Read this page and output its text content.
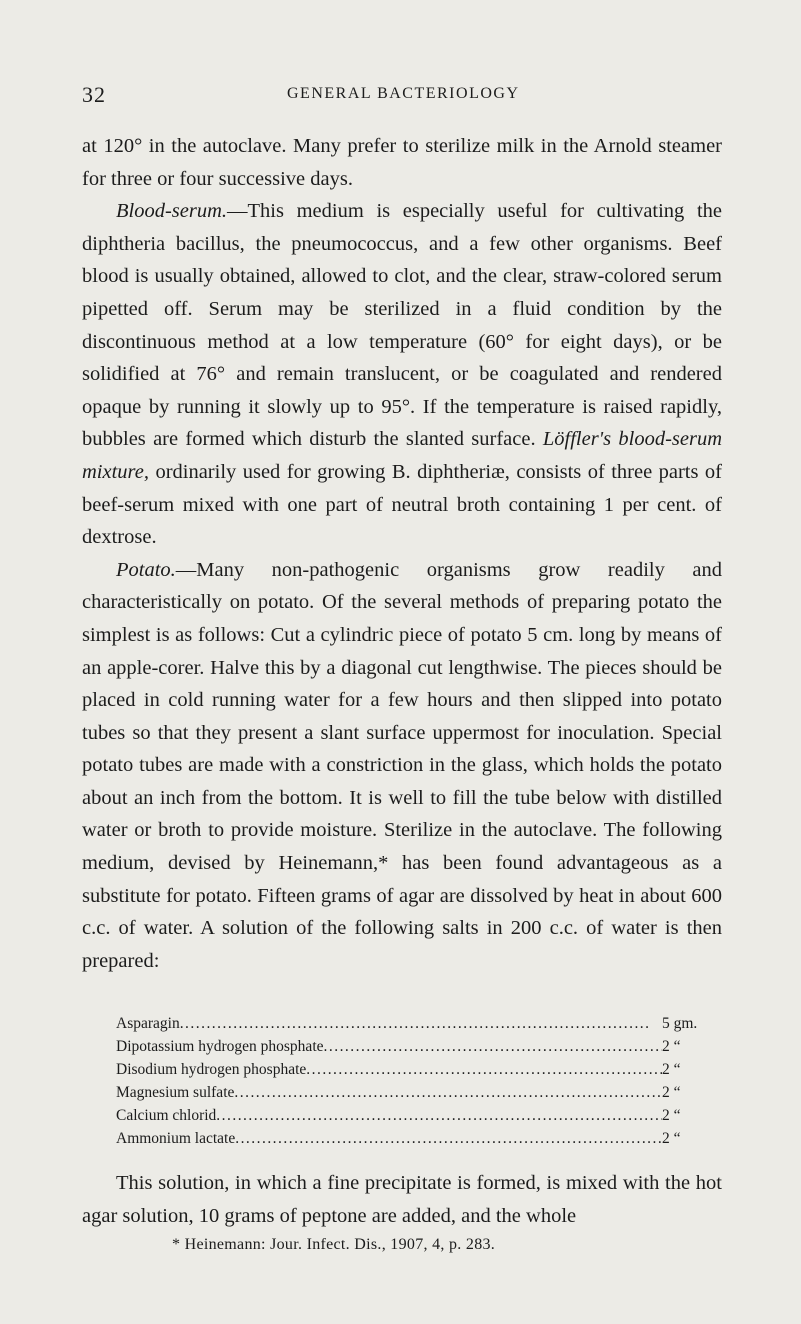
32	GENERAL BACTERIOLOGY

at 120° in the autoclave. Many prefer to sterilize milk in the Arnold steamer for three or four successive days.

Blood-serum.—This medium is especially useful for cultivating the diphtheria bacillus, the pneumococcus, and a few other organisms. Beef blood is usually obtained, allowed to clot, and the clear, straw-colored serum pipetted off. Serum may be sterilized in a fluid condition by the discontinuous method at a low temperature (60° for eight days), or be solidified at 76° and remain translucent, or be coagulated and rendered opaque by running it slowly up to 95°. If the temperature is raised rapidly, bubbles are formed which disturb the slanted surface. Löffler's blood-serum mixture, ordinarily used for growing B. diphtheriæ, consists of three parts of beef-serum mixed with one part of neutral broth containing 1 per cent. of dextrose.

Potato.—Many non-pathogenic organisms grow readily and characteristically on potato. Of the several methods of preparing potato the simplest is as follows: Cut a cylindric piece of potato 5 cm. long by means of an apple-corer. Halve this by a diagonal cut lengthwise. The pieces should be placed in cold running water for a few hours and then slipped into potato tubes so that they present a slant surface uppermost for inoculation. Special potato tubes are made with a constriction in the glass, which holds the potato about an inch from the bottom. It is well to fill the tube below with distilled water or broth to provide moisture. Sterilize in the autoclave. The following medium, devised by Heinemann,* has been found advantageous as a substitute for potato. Fifteen grams of agar are dissolved by heat in about 600 c.c. of water. A solution of the following salts in 200 c.c. of water is then prepared:

Asparagin . . .	5 gm.
Dipotassium hydrogen phosphate . . .	2 “
Disodium hydrogen phosphate . . .	2 “
Magnesium sulfate . . .	2 “
Calcium chlorid . . .	2 “
Ammonium lactate . . .	2 “

This solution, in which a fine precipitate is formed, is mixed with the hot agar solution, 10 grams of peptone are added, and the whole

* Heinemann: Jour. Infect. Dis., 1907, 4, p. 283.
